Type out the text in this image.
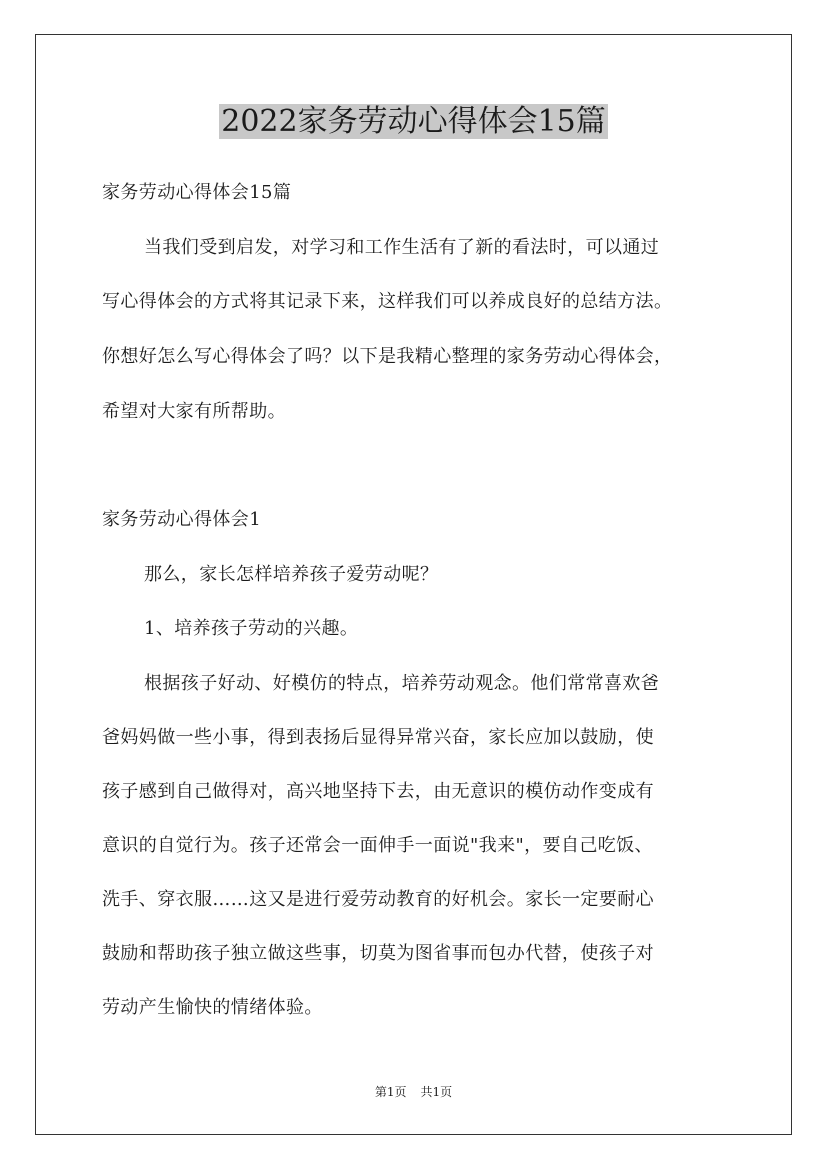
2022家务劳动心得体会15篇

家务劳动心得体会15篇

当我们受到启发，对学习和工作生活有了新的看法时，可以通过

写心得体会的方式将其记录下来，这样我们可以养成良好的总结方法。

你想好怎么写心得体会了吗？以下是我精心整理的家务劳动心得体会，

希望对大家有所帮助。

家务劳动心得体会1

那么，家长怎样培养孩子爱劳动呢？

1、培养孩子劳动的兴趣。

根据孩子好动、好模仿的特点，培养劳动观念。他们常常喜欢爸

爸妈妈做一些小事，得到表扬后显得异常兴奋，家长应加以鼓励，使

孩子感到自己做得对，高兴地坚持下去，由无意识的模仿动作变成有

意识的自觉行为。孩子还常会一面伸手一面说"我来"，要自己吃饭、

洗手、穿衣服……这又是进行爱劳动教育的好机会。家长一定要耐心

鼓励和帮助孩子独立做这些事，切莫为图省事而包办代替，使孩子对

劳动产生愉快的情绪体验。

第1页 共1页
